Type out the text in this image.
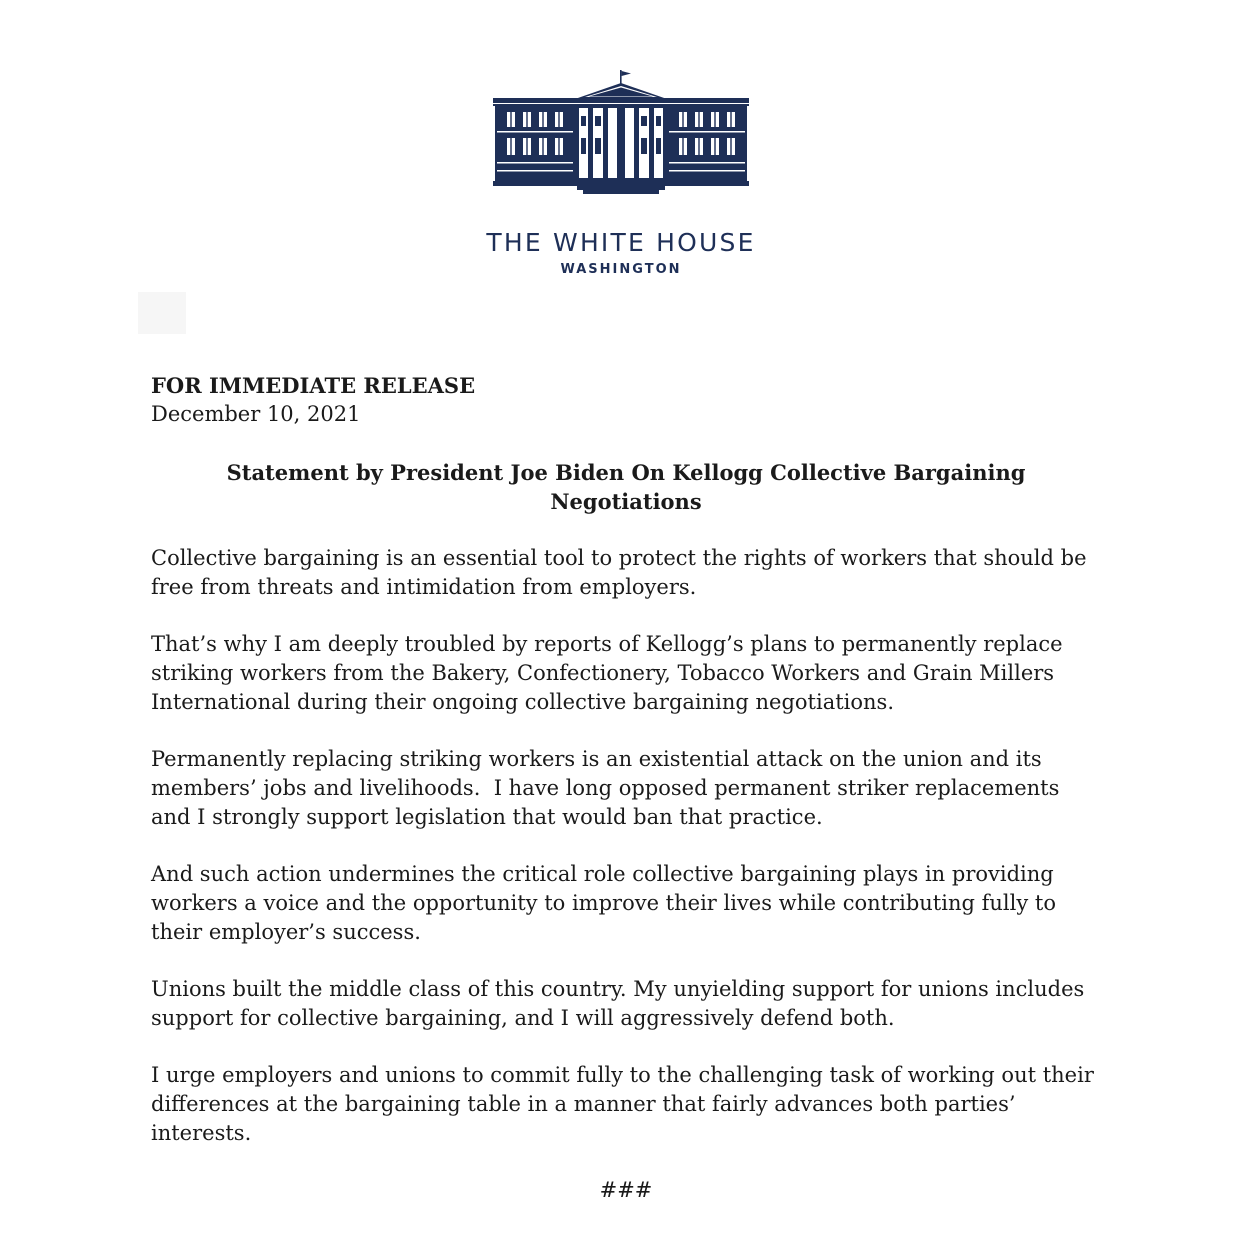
THE WHITE HOUSE
WASHINGTON
FOR IMMEDIATE RELEASE
December 10, 2021
Statement by President Joe Biden On Kellogg Collective Bargaining Negotiations
Collective bargaining is an essential tool to protect the rights of workers that should be free from threats and intimidation from employers.
That’s why I am deeply troubled by reports of Kellogg’s plans to permanently replace striking workers from the Bakery, Confectionery, Tobacco Workers and Grain Millers International during their ongoing collective bargaining negotiations.
Permanently replacing striking workers is an existential attack on the union and its members’ jobs and livelihoods.  I have long opposed permanent striker replacements and I strongly support legislation that would ban that practice.
And such action undermines the critical role collective bargaining plays in providing workers a voice and the opportunity to improve their lives while contributing fully to their employer’s success.
Unions built the middle class of this country. My unyielding support for unions includes support for collective bargaining, and I will aggressively defend both.
I urge employers and unions to commit fully to the challenging task of working out their differences at the bargaining table in a manner that fairly advances both parties’ interests.
###
